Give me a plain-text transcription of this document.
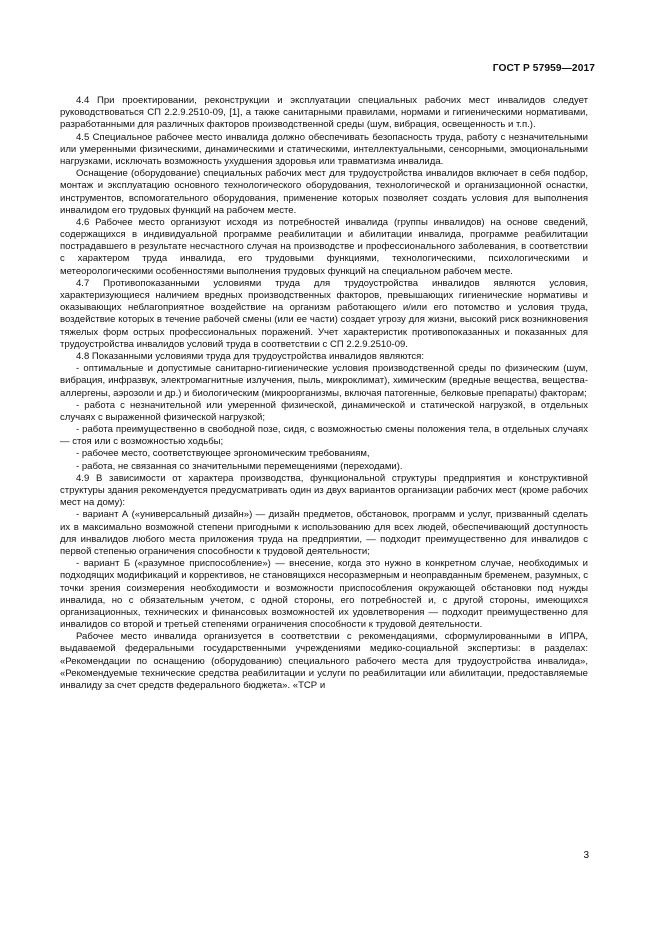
ГОСТ Р 57959—2017

4.4 При проектировании, реконструкции и эксплуатации специальных рабочих мест инвалидов следует руководствоваться СП 2.2.9.2510-09, [1], а также санитарными правилами, нормами и гигиеническими нормативами, разработанными для различных факторов производственной среды (шум, вибрация, освещенность и т.п.).

4.5 Специальное рабочее место инвалида должно обеспечивать безопасность труда, работу с незначительными или умеренными физическими, динамическими и статическими, интеллектуальными, сенсорными, эмоциональными нагрузками, исключать возможность ухудшения здоровья или травматизма инвалида.

Оснащение (оборудование) специальных рабочих мест для трудоустройства инвалидов включает в себя подбор, монтаж и эксплуатацию основного технологического оборудования, технологической и организационной оснастки, инструментов, вспомогательного оборудования, применение которых позволяет создать условия для выполнения инвалидом его трудовых функций на рабочем месте.

4.6 Рабочее место организуют исходя из потребностей инвалида (группы инвалидов) на основе сведений, содержащихся в индивидуальной программе реабилитации и абилитации инвалида, программе реабилитации пострадавшего в результате несчастного случая на производстве и профессионального заболевания, в соответствии с характером труда инвалида, его трудовыми функциями, технологическими, психологическими и метеорологическими особенностями выполнения трудовых функций на специальном рабочем месте.

4.7 Противопоказанными условиями труда для трудоустройства инвалидов являются условия, характеризующиеся наличием вредных производственных факторов, превышающих гигиенические нормативы и оказывающих неблагоприятное воздействие на организм работающего и/или его потомство и условия труда, воздействие которых в течение рабочей смены (или ее части) создает угрозу для жизни, высокий риск возникновения тяжелых форм острых профессиональных поражений. Учет характеристик противопоказанных и показанных для трудоустройства инвалидов условий труда в соответствии с СП 2.2.9.2510-09.

4.8 Показанными условиями труда для трудоустройства инвалидов являются:

- оптимальные и допустимые санитарно-гигиенические условия производственной среды по физическим (шум, вибрация, инфразвук, электромагнитные излучения, пыль, микроклимат), химическим (вредные вещества, вещества-аллергены, аэрозоли и др.) и биологическим (микроорганизмы, включая патогенные, белковые препараты) факторам;

- работа с незначительной или умеренной физической, динамической и статической нагрузкой, в отдельных случаях с выраженной физической нагрузкой;

- работа преимущественно в свободной позе, сидя, с возможностью смены положения тела, в отдельных случаях — стоя или с возможностью ходьбы;

- рабочее место, соответствующее эргономическим требованиям,

- работа, не связанная со значительными перемещениями (переходами).

4.9 В зависимости от характера производства, функциональной структуры предприятия и конструктивной структуры здания рекомендуется предусматривать один из двух вариантов организации рабочих мест (кроме рабочих мест на дому):

- вариант А («универсальный дизайн») — дизайн предметов, обстановок, программ и услуг, призванный сделать их в максимально возможной степени пригодными к использованию для всех людей, обеспечивающий доступность для инвалидов любого места приложения труда на предприятии, — подходит преимущественно для инвалидов с первой степенью ограничения способности к трудовой деятельности;

- вариант Б («разумное приспособление») — внесение, когда это нужно в конкретном случае, необходимых и подходящих модификаций и коррективов, не становящихся несоразмерным и неоправданным бременем, разумных, с точки зрения соизмерения необходимости и возможности приспособления окружающей обстановки под нужды инвалида, но с обязательным учетом, с одной стороны, его потребностей и, с другой стороны, имеющихся организационных, технических и финансовых возможностей их удовлетворения — подходит преимущественно для инвалидов со второй и третьей степенями ограничения способности к трудовой деятельности.

Рабочее место инвалида организуется в соответствии с рекомендациями, сформулированными в ИПРА, выдаваемой федеральными государственными учреждениями медико-социальной экспертизы: в разделах: «Рекомендации по оснащению (оборудованию) специального рабочего места для трудоустройства инвалида», «Рекомендуемые технические средства реабилитации и услуги по реабилитации или абилитации, предоставляемые инвалиду за счет средств федерального бюджета». «ТСР и

3
